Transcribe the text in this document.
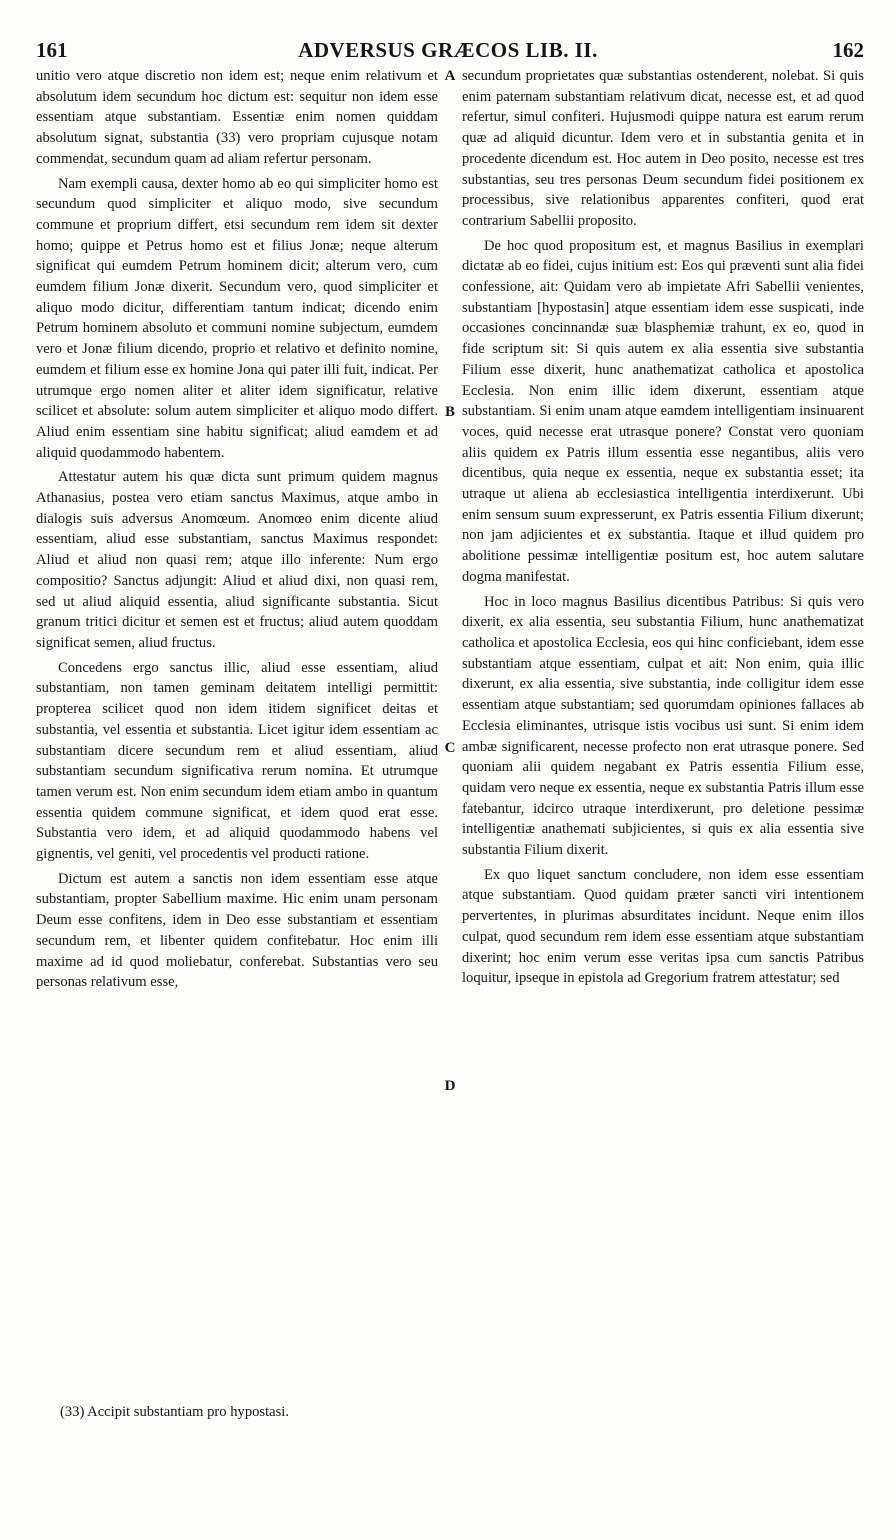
161	ADVERSUS GRÆCOS LIB. II.	162

unitio vero atque discretio non idem est; neque enim relativum et absolutum idem secundum hoc dictum est: sequitur non idem esse essentiam atque substantiam. Essentiæ enim nomen quiddam absolutum signat, substantia (33) vero propriam cujusque notam commendat, secundum quam ad aliam refertur personam.

Nam exempli causa, dexter homo ab eo qui simpliciter homo est secundum quod simpliciter et aliquo modo, sive secundum commune et proprium differt, etsi secundum rem idem sit dexter homo; quippe et Petrus homo est et filius Jonæ; neque alterum significat qui eumdem Petrum hominem dicit; alterum vero, cum eumdem filium Jonæ dixerit. Secundum vero, quod simpliciter et aliquo modo dicitur, differentiam tantum indicat; dicendo enim Petrum hominem absoluto et communi nomine subjectum, eumdem vero et Jonæ filium dicendo, proprio et relativo et definito nomine, eumdem et filium esse ex homine Jona qui pater illi fuit, indicat. Per utrumque ergo nomen aliter et aliter idem significatur, relative scilicet et absolute: solum autem simpliciter et aliquo modo differt. Aliud enim essentiam sine habitu significat; aliud eamdem et ad aliquid quodammodo habentem.

Attestatur autem his quæ dicta sunt primum quidem magnus Athanasius, postea vero etiam sanctus Maximus, atque ambo in dialogis suis adversus Anomœum. Anomœo enim dicente aliud essentiam, aliud esse substantiam, sanctus Maximus respondet: Aliud et aliud non quasi rem; atque illo inferente: Num ergo compositio? Sanctus adjungit: Aliud et aliud dixi, non quasi rem, sed ut aliud aliquid essentia, aliud significante substantia. Sicut granum tritici dicitur et semen est et fructus; aliud autem quoddam significat semen, aliud fructus.

Concedens ergo sanctus illic, aliud esse essentiam, aliud substantiam, non tamen geminam deitatem intelligi permittit: propterea scilicet quod non idem itidem significet deitas et substantia, vel essentia et substantia. Licet igitur idem essentiam ac substantiam dicere secundum rem et aliud essentiam, aliud substantiam secundum significativa rerum nomina. Et utrumque tamen verum est. Non enim secundum idem etiam ambo in quantum essentia quidem commune significat, et idem quod erat esse. Substantia vero idem, et ad aliquid quodammodo habens vel gignentis, vel geniti, vel procedentis vel producti ratione.

Dictum est autem a sanctis non idem essentiam esse atque substantiam, propter Sabellium maxime. Hic enim unam personam Deum esse confitens, idem in Deo esse substantiam et essentiam secundum rem, et libenter quidem confitebatur. Hoc enim illi maxime ad id quod moliebatur, conferebat. Substantias vero seu personas relativum esse,

A
B
C
D

secundum proprietates quæ substantias ostenderent, nolebat. Si quis enim paternam substantiam relativum dicat, necesse est, et ad quod refertur, simul confiteri. Hujusmodi quippe natura est earum rerum quæ ad aliquid dicuntur. Idem vero et in substantia genita et in procedente dicendum est. Hoc autem in Deo posito, necesse est tres substantias, seu tres personas Deum secundum fidei positionem ex processibus, sive relationibus apparentes confiteri, quod erat contrarium Sabellii proposito.

De hoc quod propositum est, et magnus Basilius in exemplari dictatæ ab eo fidei, cujus initium est: Eos qui præventi sunt alia fidei confessione, ait: Quidam vero ab impietate Afri Sabellii venientes, substantiam [hypostasin] atque essentiam idem esse suspicati, inde occasiones concinnandæ suæ blasphemiæ trahunt, ex eo, quod in fide scriptum sit: Si quis autem ex alia essentia sive substantia Filium esse dixerit, hunc anathematizat catholica et apostolica Ecclesia. Non enim illic idem dixerunt, essentiam atque substantiam. Si enim unam atque eamdem intelligentiam insinuarent voces, quid necesse erat utrasque ponere? Constat vero quoniam aliis quidem ex Patris illum essentia esse negantibus, aliis vero dicentibus, quia neque ex essentia, neque ex substantia esset; ita utraque ut aliena ab ecclesiastica intelligentia interdixerunt. Ubi enim sensum suum expresserunt, ex Patris essentia Filium dixerunt; non jam adjicientes et ex substantia. Itaque et illud quidem pro abolitione pessimæ intelligentiæ positum est, hoc autem salutare dogma manifestat.

Hoc in loco magnus Basilius dicentibus Patribus: Si quis vero dixerit, ex alia essentia, seu substantia Filium, hunc anathematizat catholica et apostolica Ecclesia, eos qui hinc conficiebant, idem esse substantiam atque essentiam, culpat et ait: Non enim, quia illic dixerunt, ex alia essentia, sive substantia, inde colligitur idem esse essentiam atque substantiam; sed quorumdam opiniones fallaces ab Ecclesia eliminantes, utrisque istis vocibus usi sunt. Si enim idem ambæ significarent, necesse profecto non erat utrasque ponere. Sed quoniam alii quidem negabant ex Patris essentia Filium esse, quidam vero neque ex essentia, neque ex substantia Patris illum esse fatebantur, idcirco utraque interdixerunt, pro deletione pessimæ intelligentiæ anathemati subjicientes, si quis ex alia essentia sive substantia Filium dixerit.

Ex quo liquet sanctum concludere, non idem esse essentiam atque substantiam. Quod quidam præter sancti viri intentionem pervertentes, in plurimas absurditates incidunt. Neque enim illos culpat, quod secundum rem idem esse essentiam atque substantiam dixerint; hoc enim verum esse veritas ipsa cum sanctis Patribus loquitur, ipseque in epistola ad Gregorium fratrem attestatur; sed

(33) Accipit substantiam pro hypostasi.
